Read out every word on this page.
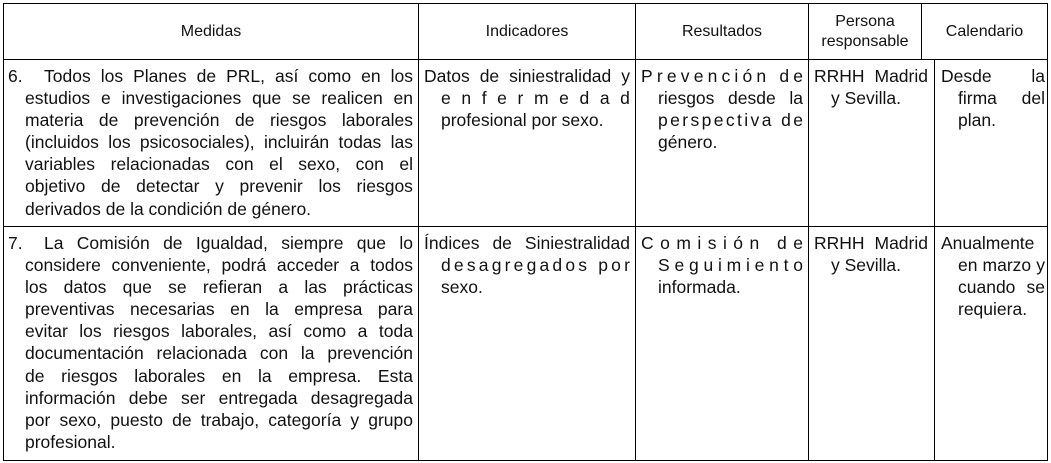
Medidas	Indicadores	Resultados
Persona
responsable
Calendario
6. Todos los Planes de PRL, así como en los
estudios e investigaciones que se realicen en
materia de prevención de riesgos laborales
(incluidos los psicosociales), incluirán todas las
variables relacionadas con el sexo, con el
objetivo de detectar y prevenir los riesgos
derivados de la condición de género.
Datos de siniestralidad y
e n f e r m e d a d
profesional por sexo.
P r e v e n c i ó n
d e
riesgos desde la
p e r s p e c t i v a
d e
género.
RRHH Madrid
y Sevilla.
Desde la
firma del
plan.
7. La Comisión de Igualdad, siempre que lo
considere conveniente, podrá acceder a todos
los datos que se refieran a las prácticas
preventivas necesarias en la empresa para
evitar los riesgos laborales, así como a toda
documentación relacionada con la prevención
de riesgos laborales en la empresa. Esta
información debe ser entregada desagregada
por sexo, puesto de trabajo, categoría y grupo
profesional.
Índices de Siniestralidad
d e s a g r e g a d o s
p o r
sexo.
C o m i s i ó n
d e
S e g u i m i e n t o
informada.
RRHH Madrid
y Sevilla.
Anualmente
en marzo y
cuando se
requiera.
